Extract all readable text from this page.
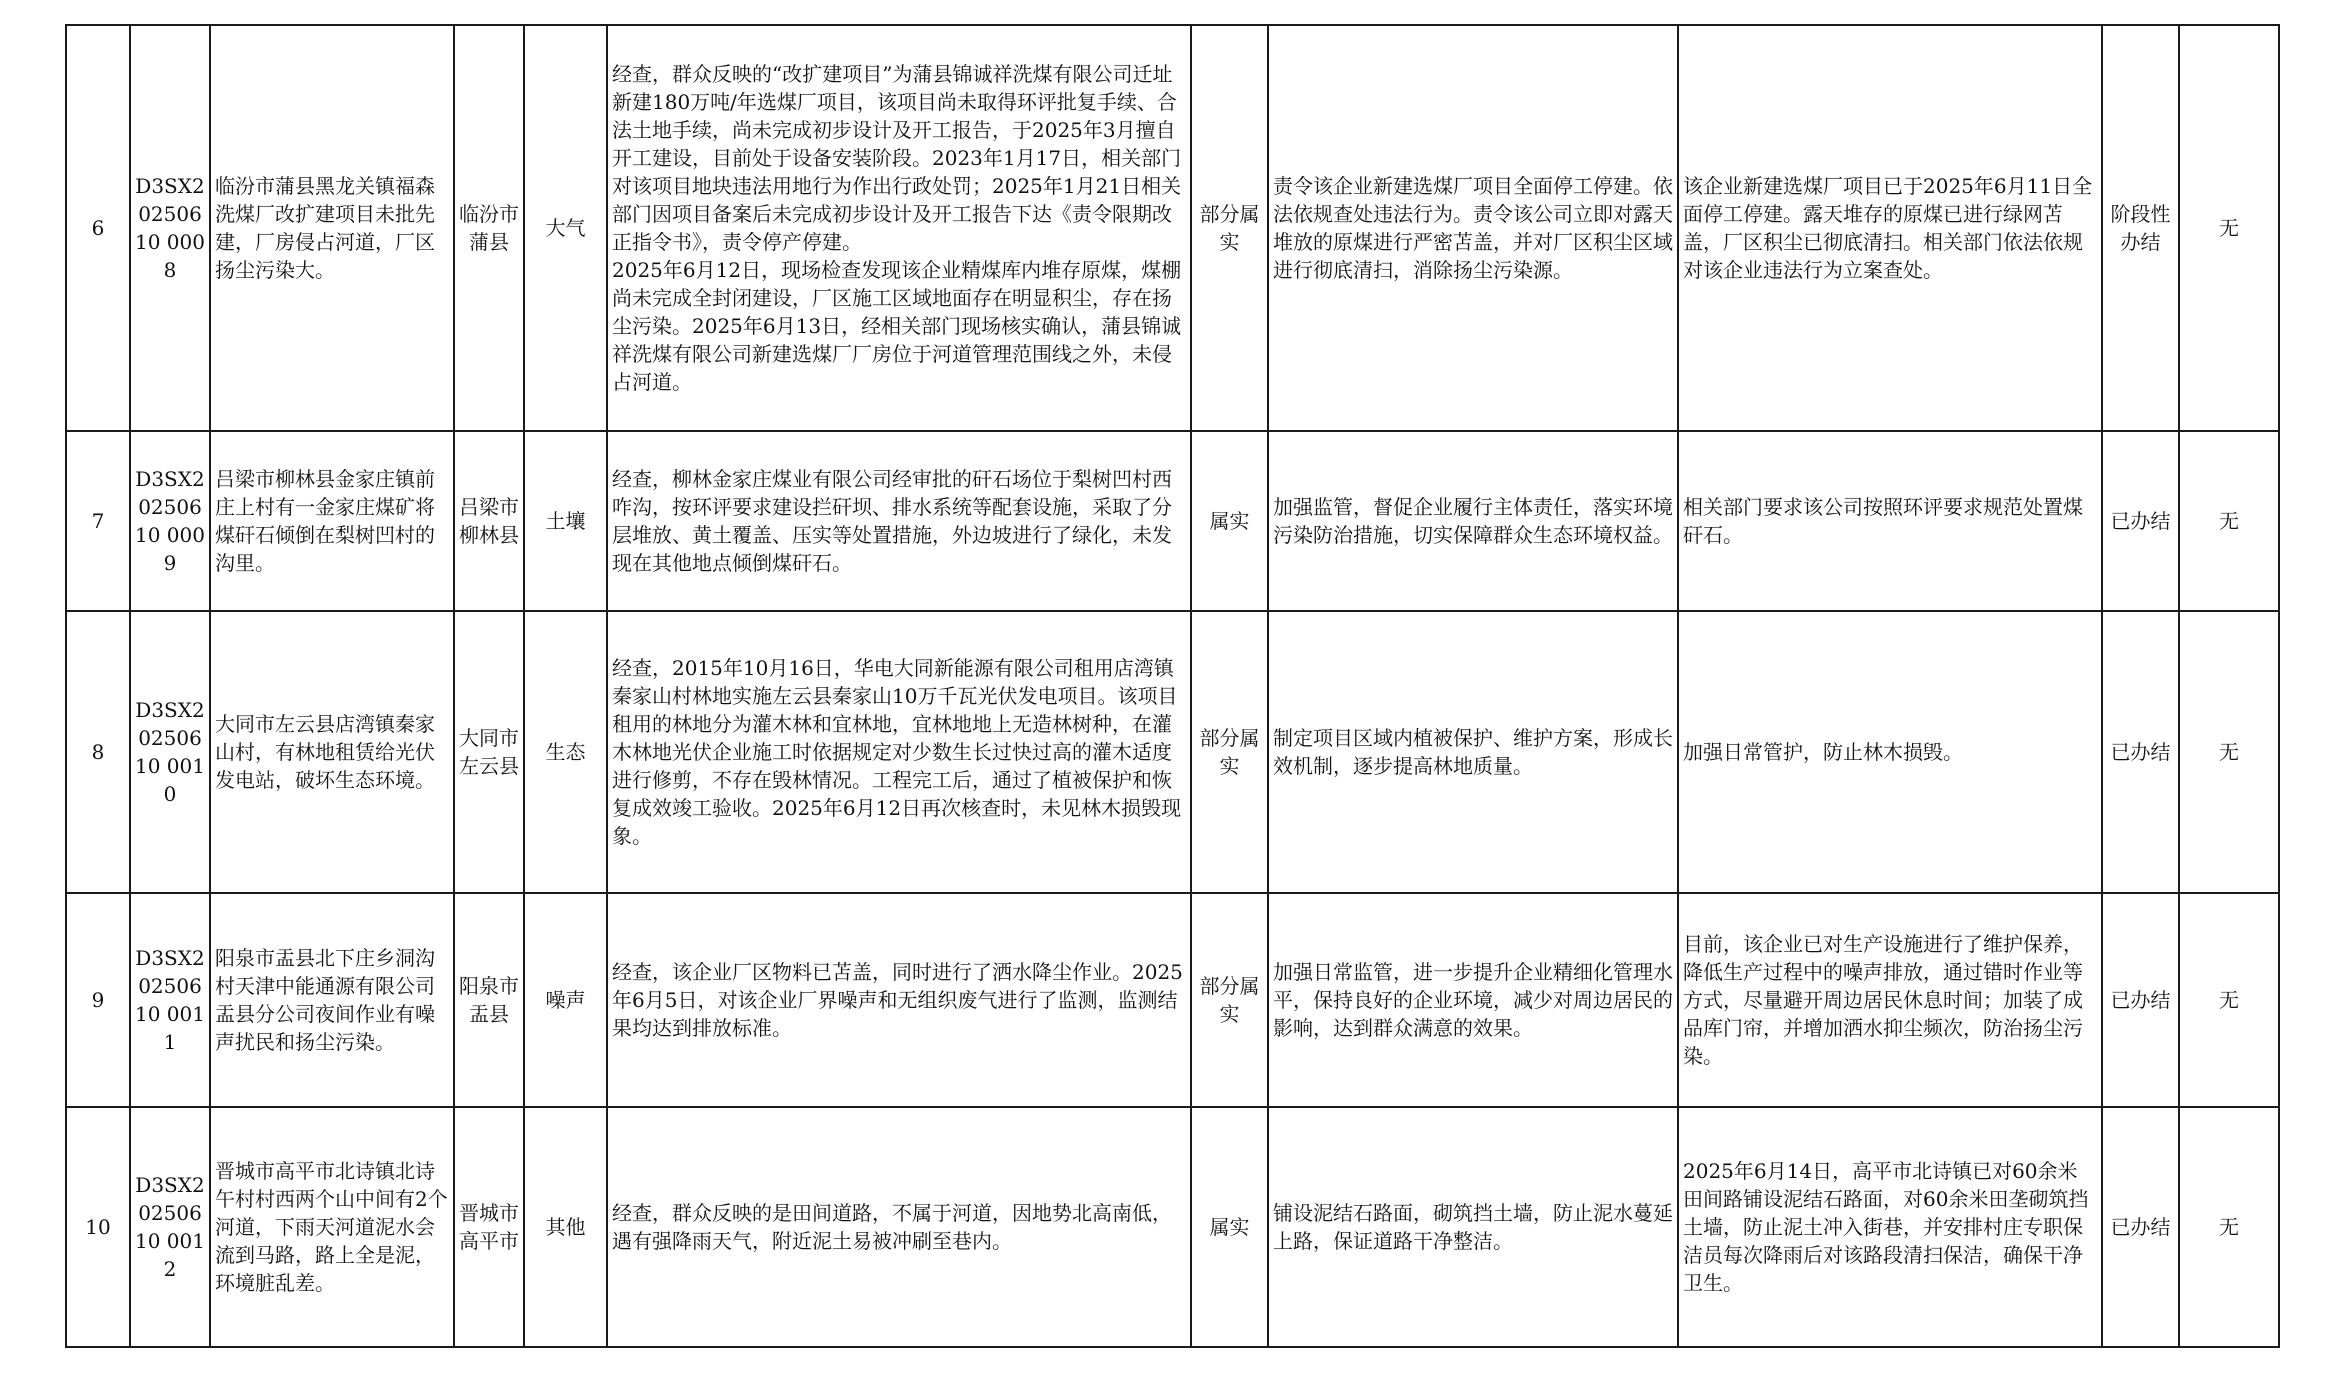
6	D3SX20250610 0008	临汾市蒲县黑龙关镇福森洗煤厂改扩建项目未批先建，厂房侵占河道，厂区扬尘污染大。	临汾市蒲县	大气	经查，群众反映的“改扩建项目”为蒲县锦诚祥洗煤有限公司迁址新建180万吨/年选煤厂项目，该项目尚未取得环评批复手续、合法土地手续，尚未完成初步设计及开工报告，于2025年3月擅自开工建设，目前处于设备安装阶段。2023年1月17日，相关部门对该项目地块违法用地行为作出行政处罚；2025年1月21日相关部门因项目备案后未完成初步设计及开工报告下达《责令限期改正指令书》，责令停产停建。
2025年6月12日，现场检查发现该企业精煤库内堆存原煤，煤棚尚未完成全封闭建设，厂区施工区域地面存在明显积尘，存在扬尘污染。2025年6月13日，经相关部门现场核实确认，蒲县锦诚祥洗煤有限公司新建选煤厂厂房位于河道管理范围线之外，未侵占河道。	部分属实	责令该企业新建选煤厂项目全面停工停建。依法依规查处违法行为。责令该公司立即对露天堆放的原煤进行严密苫盖，并对厂区积尘区域进行彻底清扫，消除扬尘污染源。	该企业新建选煤厂项目已于2025年6月11日全面停工停建。露天堆存的原煤已进行绿网苫盖，厂区积尘已彻底清扫。相关部门依法依规对该企业违法行为立案查处。	阶段性办结	无
7	D3SX20250610 0009	吕梁市柳林县金家庄镇前庄上村有一金家庄煤矿将煤矸石倾倒在梨树凹村的沟里。	吕梁市柳林县	土壤	经查，柳林金家庄煤业有限公司经审批的矸石场位于梨树凹村西咋沟，按环评要求建设拦矸坝、排水系统等配套设施，采取了分层堆放、黄土覆盖、压实等处置措施，外边坡进行了绿化，未发现在其他地点倾倒煤矸石。	属实	加强监管，督促企业履行主体责任，落实环境污染防治措施，切实保障群众生态环境权益。	相关部门要求该公司按照环评要求规范处置煤矸石。	已办结	无
8	D3SX20250610 0010	大同市左云县店湾镇秦家山村，有林地租赁给光伏发电站，破坏生态环境。	大同市左云县	生态	经查，2015年10月16日，华电大同新能源有限公司租用店湾镇秦家山村林地实施左云县秦家山10万千瓦光伏发电项目。该项目租用的林地分为灌木林和宜林地，宜林地地上无造林树种，在灌木林地光伏企业施工时依据规定对少数生长过快过高的灌木适度进行修剪，不存在毁林情况。工程完工后，通过了植被保护和恢复成效竣工验收。2025年6月12日再次核查时，未见林木损毁现象。	部分属实	制定项目区域内植被保护、维护方案，形成长效机制，逐步提高林地质量。	加强日常管护，防止林木损毁。	已办结	无
9	D3SX20250610 0011	阳泉市盂县北下庄乡洞沟村天津中能通源有限公司盂县分公司夜间作业有噪声扰民和扬尘污染。	阳泉市盂县	噪声	经查，该企业厂区物料已苫盖，同时进行了洒水降尘作业。2025年6月5日，对该企业厂界噪声和无组织废气进行了监测，监测结果均达到排放标准。	部分属实	加强日常监管，进一步提升企业精细化管理水平，保持良好的企业环境，减少对周边居民的影响，达到群众满意的效果。	目前，该企业已对生产设施进行了维护保养，降低生产过程中的噪声排放，通过错时作业等方式，尽量避开周边居民休息时间；加装了成品库门帘，并增加洒水抑尘频次，防治扬尘污染。	已办结	无
10	D3SX20250610 0012	晋城市高平市北诗镇北诗午村村西两个山中间有2个河道，下雨天河道泥水会流到马路，路上全是泥，环境脏乱差。	晋城市高平市	其他	经查，群众反映的是田间道路，不属于河道，因地势北高南低，遇有强降雨天气，附近泥土易被冲刷至巷内。	属实	铺设泥结石路面，砌筑挡土墙，防止泥水蔓延上路，保证道路干净整洁。	2025年6月14日，高平市北诗镇已对60余米田间路铺设泥结石路面，对60余米田垄砌筑挡土墙，防止泥土冲入街巷，并安排村庄专职保洁员每次降雨后对该路段清扫保洁，确保干净卫生。	已办结	无
